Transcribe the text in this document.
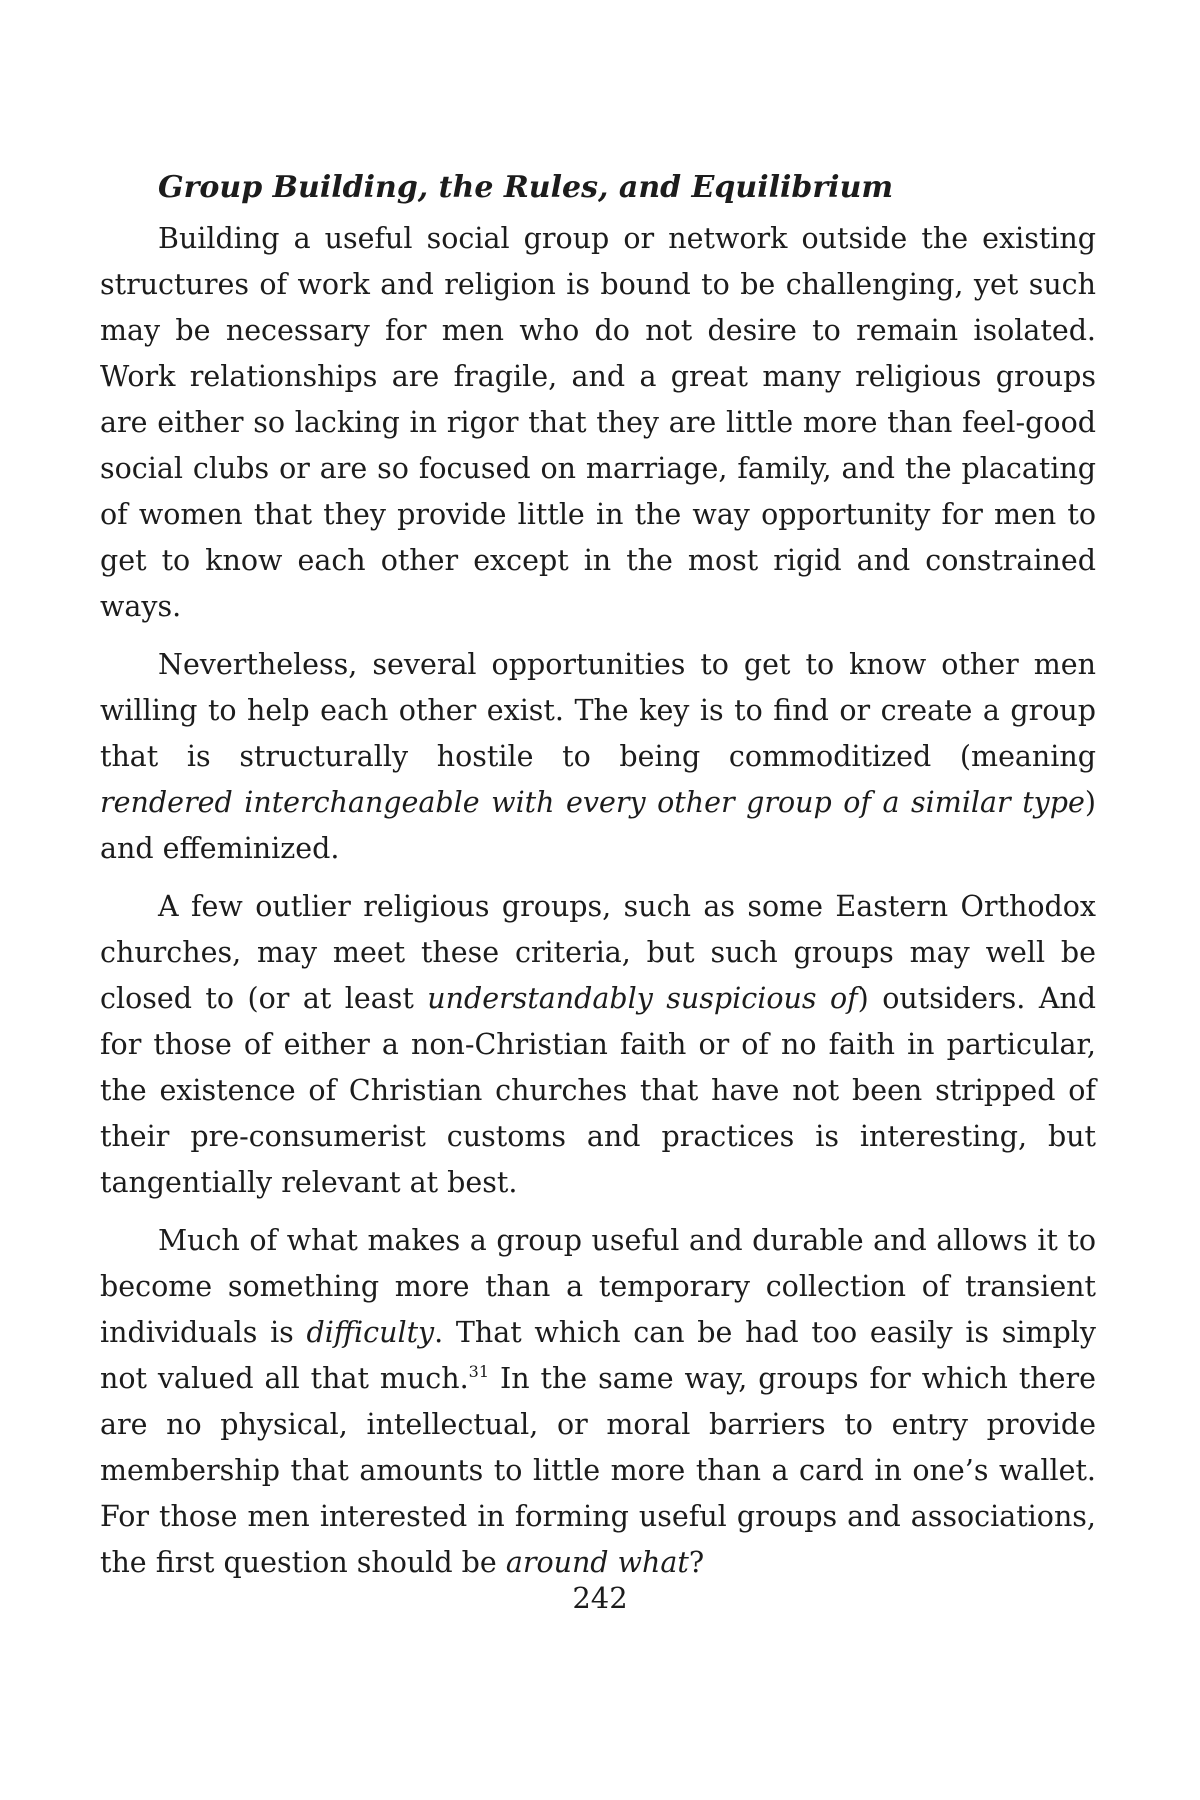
Group Building, the Rules, and Equilibrium

Building a useful social group or network outside the existing structures of work and religion is bound to be challenging, yet such may be necessary for men who do not desire to remain isolated. Work relationships are fragile, and a great many religious groups are either so lacking in rigor that they are little more than feel-good social clubs or are so focused on marriage, family, and the placating of women that they provide little in the way opportunity for men to get to know each other except in the most rigid and constrained ways.

Nevertheless, several opportunities to get to know other men willing to help each other exist. The key is to find or create a group that is structurally hostile to being commoditized (meaning rendered interchangeable with every other group of a similar type) and effeminized.

A few outlier religious groups, such as some Eastern Orthodox churches, may meet these criteria, but such groups may well be closed to (or at least understandably suspicious of) outsiders. And for those of either a non-Christian faith or of no faith in particular, the existence of Christian churches that have not been stripped of their pre-consumerist customs and practices is interesting, but tangentially relevant at best.

Much of what makes a group useful and durable and allows it to become something more than a temporary collection of transient individuals is difficulty. That which can be had too easily is simply not valued all that much.$^{31}$ In the same way, groups for which there are no physical, intellectual, or moral barriers to entry provide membership that amounts to little more than a card in one’s wallet. For those men interested in forming useful groups and associations, the first question should be around what?

242
